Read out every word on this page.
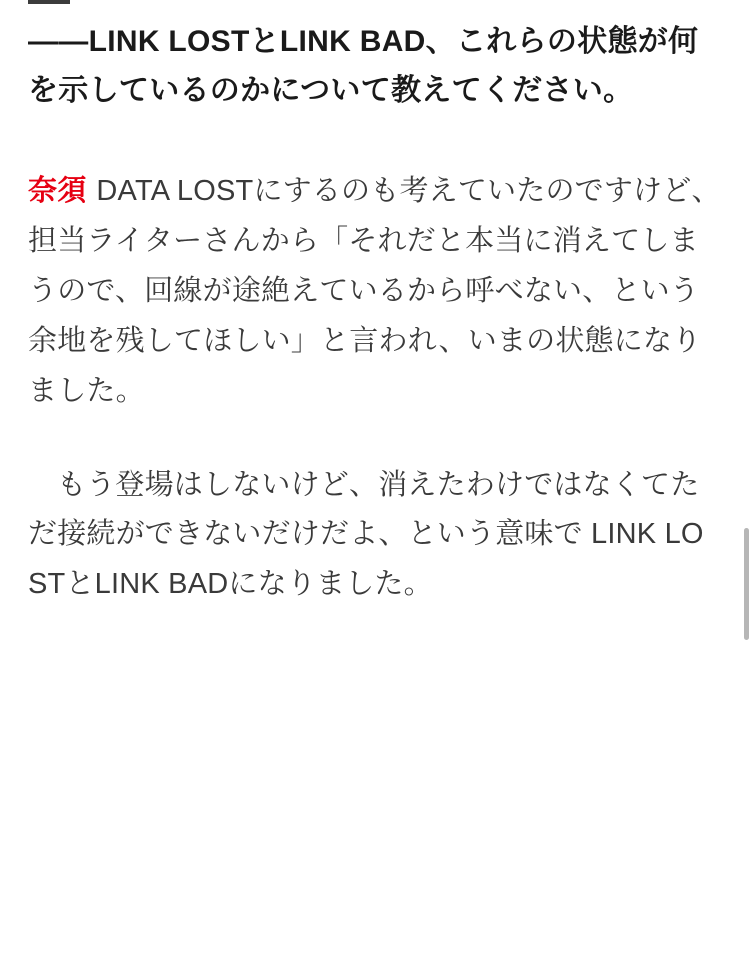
——LINK LOSTとLINK BAD、これらの状態が何を示しているのかについて教えてください。

奈須 DATA LOSTにするのも考えていたのですけど、担当ライターさんから「それだと本当に消えてしまうので、回線が途絶えているから呼べない、という余地を残してほしい」と言われ、いまの状態になりました。

もう登場はしないけど、消えたわけではなくてただ接続ができないだけだよ、という意味で LINK LOSTとLINK BADになりました。
